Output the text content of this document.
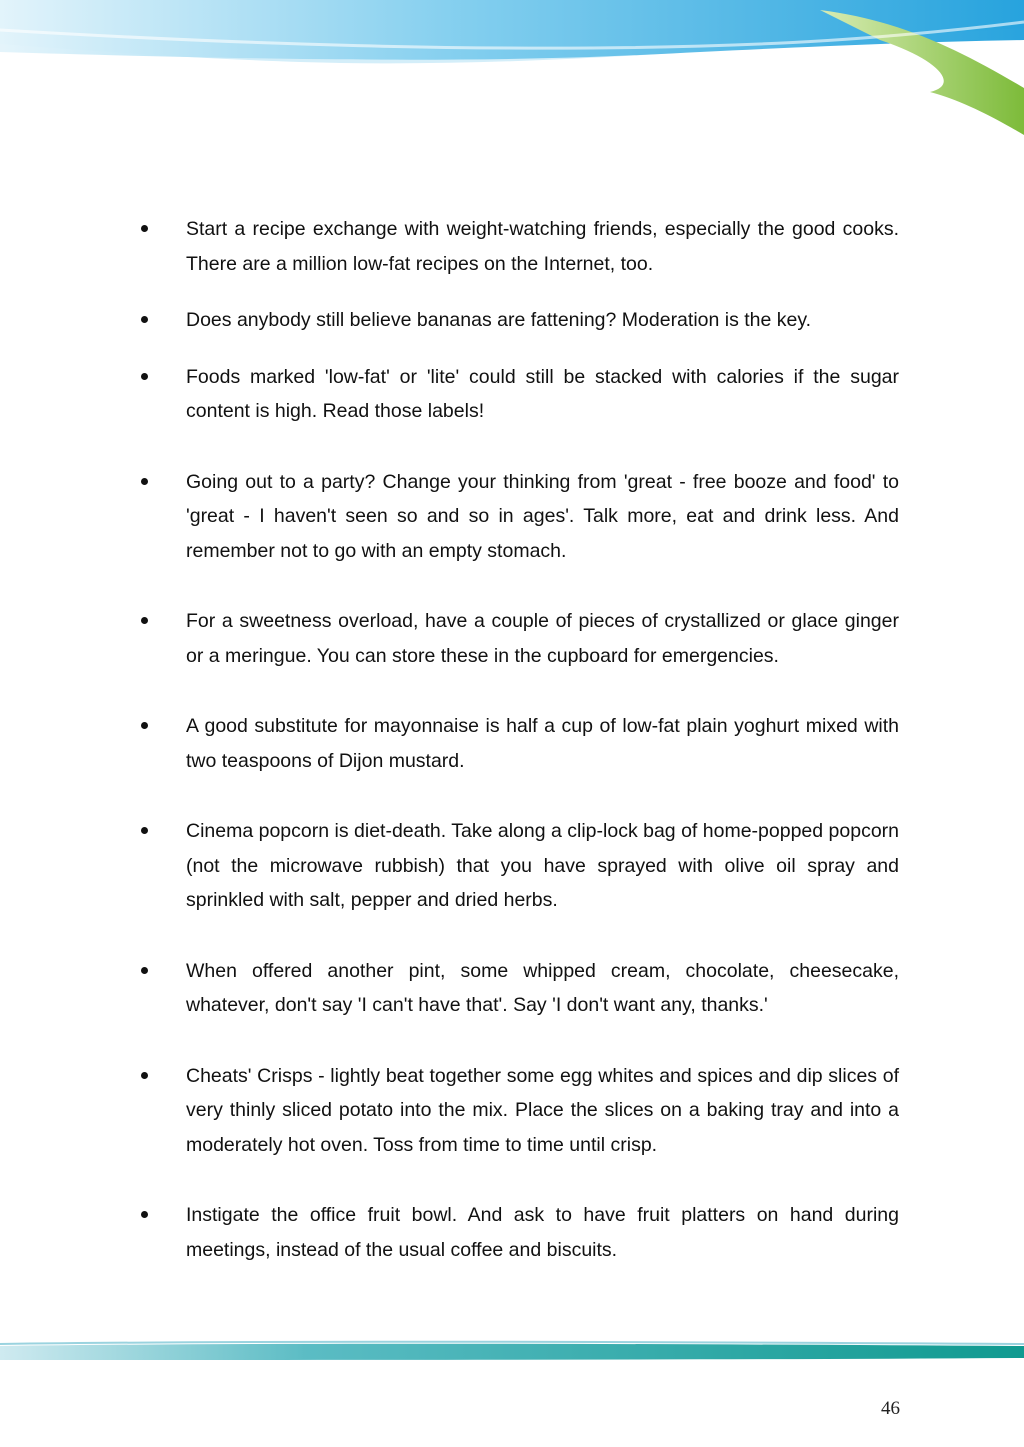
Start a recipe exchange with weight-watching friends, especially the good cooks. There are a million low-fat recipes on the Internet, too.
Does anybody still believe bananas are fattening? Moderation is the key.
Foods marked 'low-fat' or 'lite' could still be stacked with calories if the sugar content is high. Read those labels!
Going out to a party? Change your thinking from 'great - free booze and food' to 'great - I haven't seen so and so in ages'. Talk more, eat and drink less. And remember not to go with an empty stomach.
For a sweetness overload, have a couple of pieces of crystallized or glace ginger or a meringue. You can store these in the cupboard for emergencies.
A good substitute for mayonnaise is half a cup of low-fat plain yoghurt mixed with two teaspoons of Dijon mustard.
Cinema popcorn is diet-death. Take along a clip-lock bag of home-popped popcorn (not the microwave rubbish) that you have sprayed with olive oil spray and sprinkled with salt, pepper and dried herbs.
When offered another pint, some whipped cream, chocolate, cheesecake, whatever, don't say 'I can't have that'. Say 'I don't want any, thanks.'
Cheats' Crisps - lightly beat together some egg whites and spices and dip slices of very thinly sliced potato into the mix. Place the slices on a baking tray and into a moderately hot oven. Toss from time to time until crisp.
Instigate the office fruit bowl. And ask to have fruit platters on hand during meetings, instead of the usual coffee and biscuits.
46
